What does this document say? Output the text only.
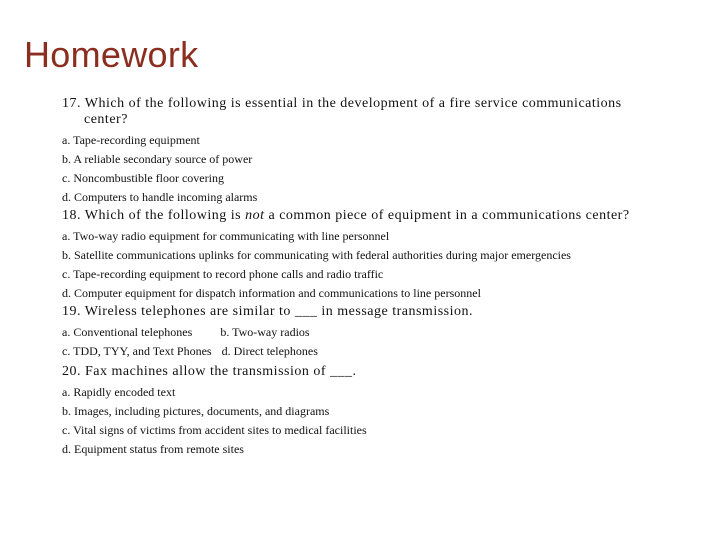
Homework

17. Which of the following is essential in the development of a fire service communications
center?

a. Tape-recording equipment

b. A reliable secondary source of power

c. Noncombustible floor covering

d. Computers to handle incoming alarms

18. Which of the following is not a common piece of equipment in a communications center?

a. Two-way radio equipment for communicating with line personnel

b. Satellite communications uplinks for communicating with federal authorities during major emergencies

c. Tape-recording equipment to record phone calls and radio traffic

d. Computer equipment for dispatch information and communications to line personnel

19. Wireless telephones are similar to ___ in message transmission.

a. Conventional telephones b. Two-way radios

c. TDD, TYY, and Text Phones d. Direct telephones

20. Fax machines allow the transmission of ___.

a. Rapidly encoded text

b. Images, including pictures, documents, and diagrams

c. Vital signs of victims from accident sites to medical facilities

d. Equipment status from remote sites
